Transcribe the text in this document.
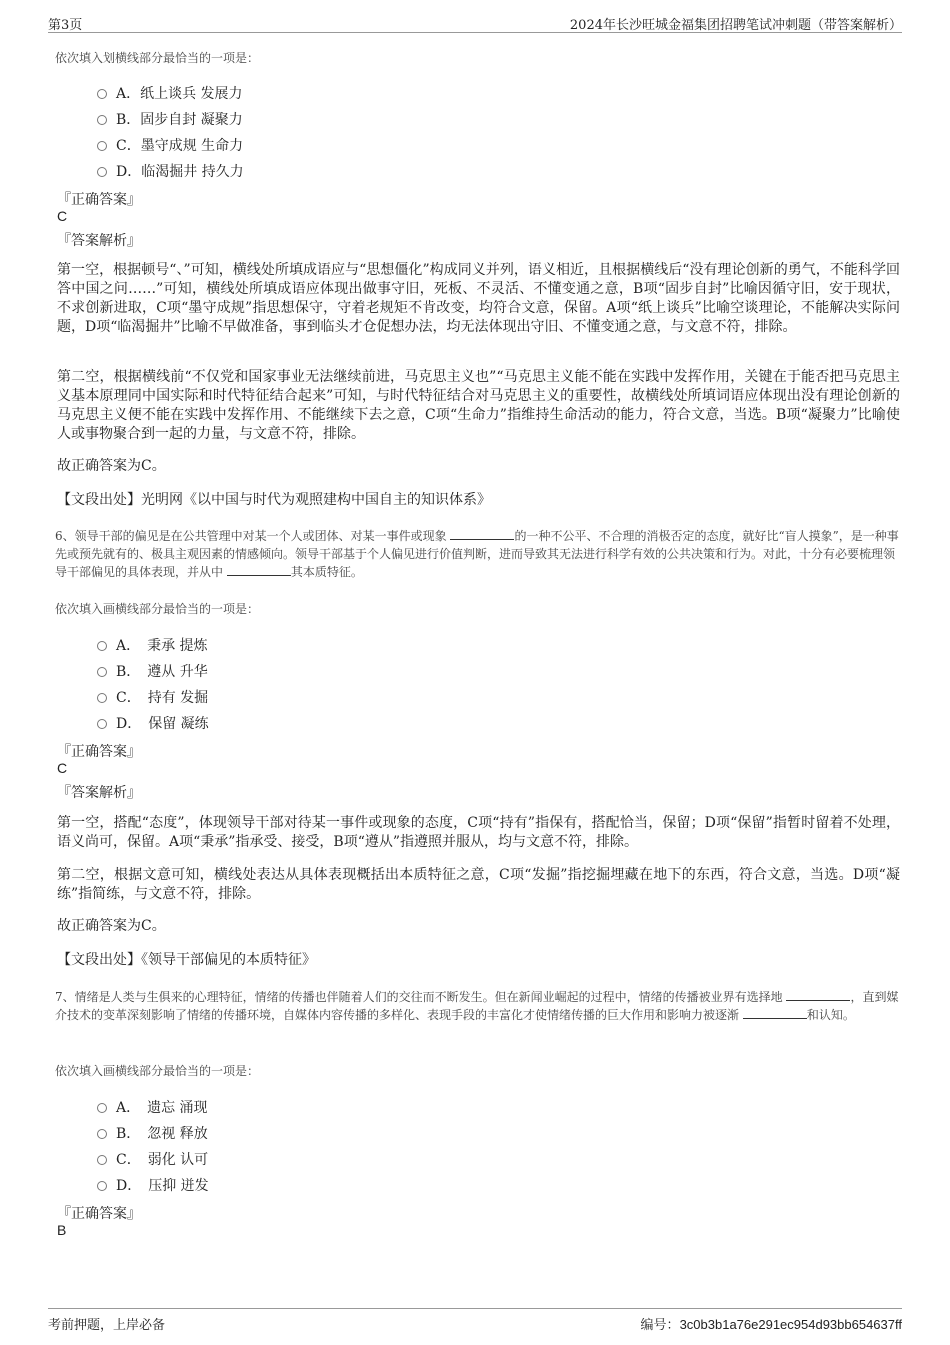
第3页	2024年长沙旺城金福集团招聘笔试冲刺题（带答案解析）
依次填入划横线部分最恰当的一项是：
A．纸上谈兵 发展力
B．固步自封 凝聚力
C．墨守成规 生命力
D．临渴掘井 持久力
『正确答案』
C
『答案解析』
第一空，根据顿号“、”可知，横线处所填成语应与“思想僵化”构成同义并列，语义相近，且根据横线后“没有理论创新的勇气，不能科学回答中国之问……”可知，横线处所填成语应体现出做事守旧，死板、不灵活、不懂变通之意，B项“固步自封”比喻因循守旧，安于现状，不求创新进取，C项“墨守成规”指思想保守，守着老规矩不肯改变，均符合文意，保留。A项“纸上谈兵”比喻空谈理论，不能解决实际问题，D项“临渴掘井”比喻不早做准备，事到临头才仓促想办法，均无法体现出守旧、不懂变通之意，与文意不符，排除。
第二空，根据横线前“不仅党和国家事业无法继续前进，马克思主义也”“马克思主义能不能在实践中发挥作用，关键在于能否把马克思主义基本原理同中国实际和时代特征结合起来”可知，与时代特征结合对马克思主义的重要性，故横线处所填词语应体现出没有理论创新的马克思主义便不能在实践中发挥作用、不能继续下去之意，C项“生命力”指维持生命活动的能力，符合文意，当选。B项“凝聚力”比喻使人或事物聚合到一起的力量，与文意不符，排除。
故正确答案为C。
【文段出处】光明网《以中国与时代为观照建构中国自主的知识体系》
6、领导干部的偏见是在公共管理中对某一个人或团体、对某一事件或现象	的一种不公平、不合理的消极否定的态度，就好比“盲人摸象”，是一种事先或预先就有的、极具主观因素的情感倾向。领导干部基于个人偏见进行价值判断，进而导致其无法进行科学有效的公共决策和行为。对此，十分有必要梳理领导干部偏见的具体表现，并从中	其本质特征。
依次填入画横线部分最恰当的一项是：
A．　秉承 提炼
B．　遵从 升华
C．　持有 发掘
D．　保留 凝练
『正确答案』
C
『答案解析』
第一空，搭配“态度”，体现领导干部对待某一事件或现象的态度，C项“持有”指保有，搭配恰当，保留；D项“保留”指暂时留着不处理，语义尚可，保留。A项“秉承”指承受、接受，B项“遵从”指遵照并服从，均与文意不符，排除。
第二空，根据文意可知，横线处表达从具体表现概括出本质特征之意，C项“发掘”指挖掘埋藏在地下的东西，符合文意，当选。D项“凝练”指简练，与文意不符，排除。
故正确答案为C。
【文段出处】《领导干部偏见的本质特征》
7、情绪是人类与生俱来的心理特征，情绪的传播也伴随着人们的交往而不断发生。但在新闻业崛起的过程中，情绪的传播被业界有选择地	，直到媒介技术的变革深刻影响了情绪的传播环境，自媒体内容传播的多样化、表现手段的丰富化才使情绪传播的巨大作用和影响力被逐渐	和认知。
依次填入画横线部分最恰当的一项是：
A．　遗忘 涌现
B．　忽视 释放
C．　弱化 认可
D．　压抑 迸发
『正确答案』
B
考前押题，上岸必备	编号：3c0b3b1a76e291ec954d93bb654637ff
